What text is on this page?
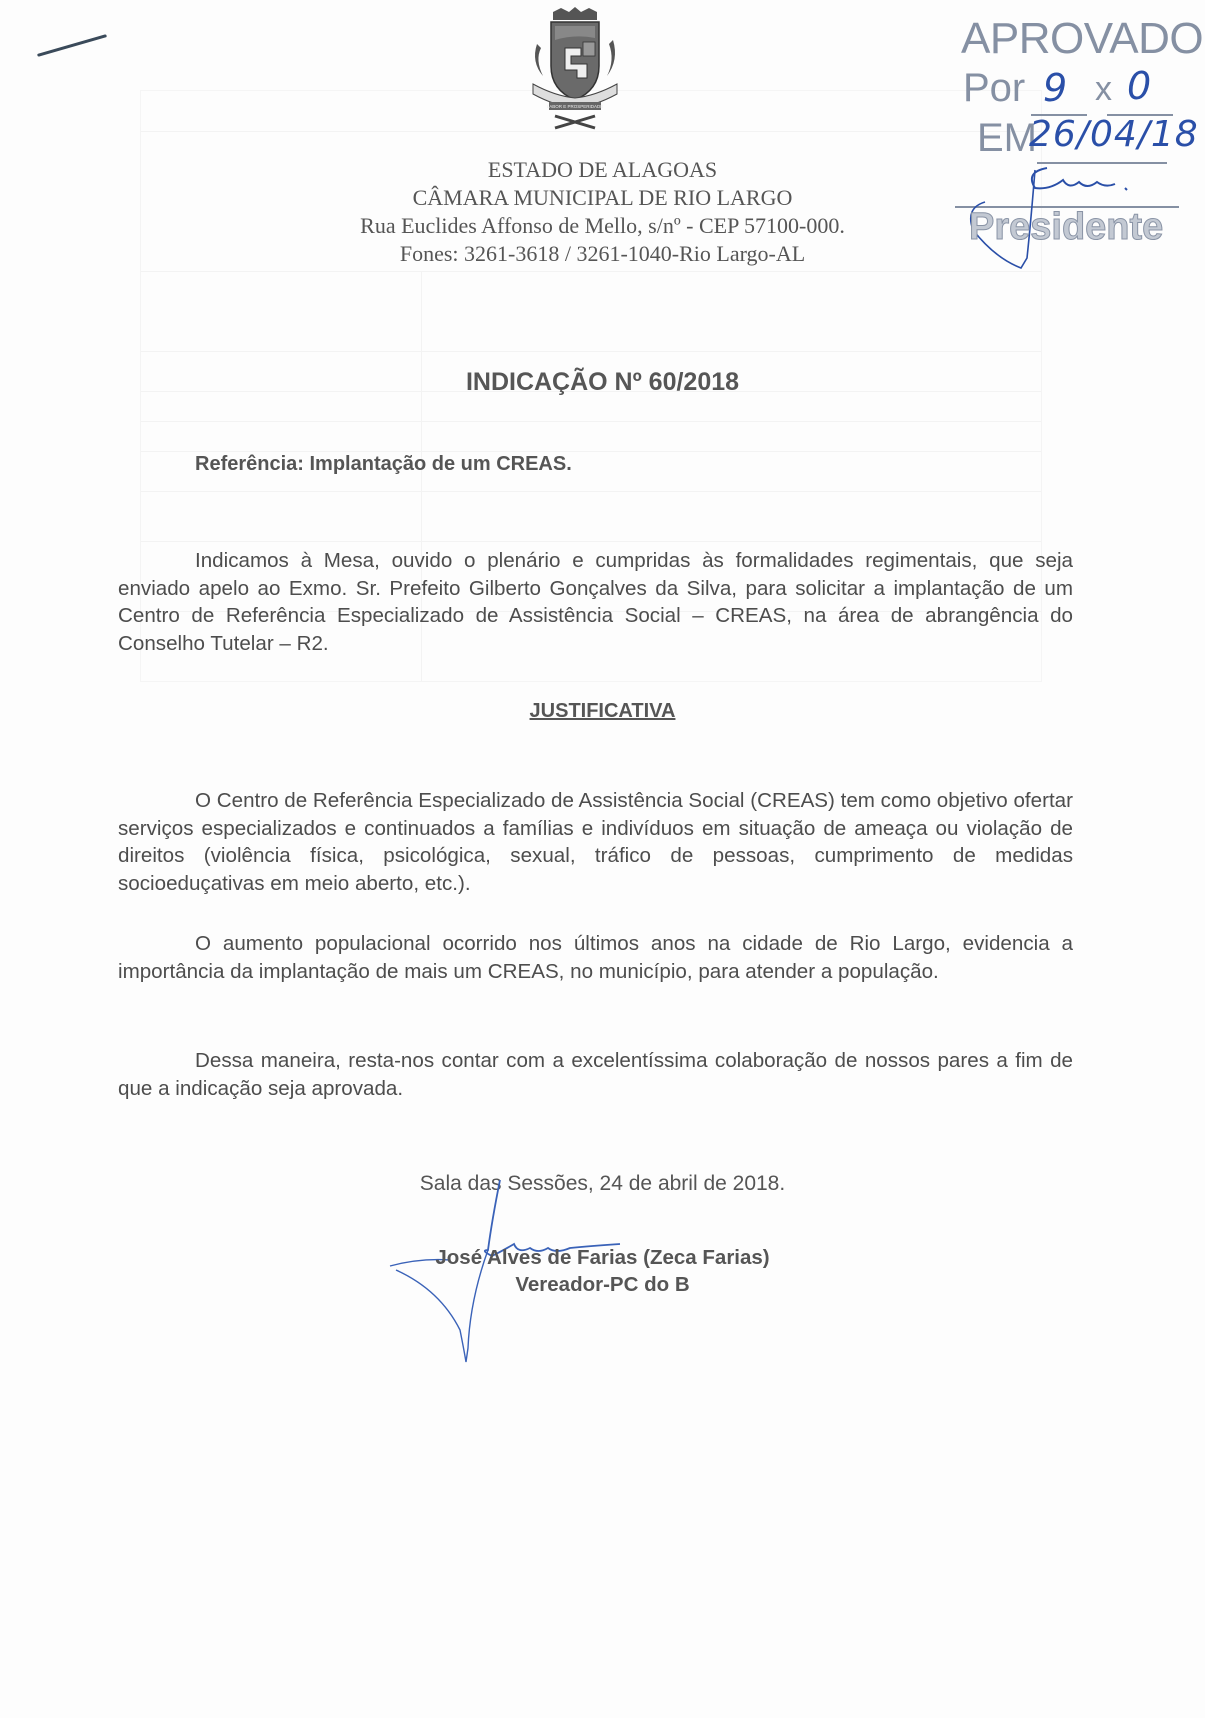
LABOR E PROSPERIDADE
ESTADO DE ALAGOAS
CÂMARA MUNICIPAL DE RIO LARGO
Rua Euclides Affonso de Mello, s/nº - CEP 57100-000.
Fones: 3261-3618 / 3261-1040-Rio Largo-AL
APROVADO
Por 9 x 0
EM
26/04/18
Presidente
INDICAÇÃO Nº 60/2018
Referência: Implantação de um CREAS.

Indicamos à Mesa, ouvido o plenário e cumpridas às formalidades regimentais, que seja enviado apelo ao Exmo. Sr. Prefeito Gilberto Gonçalves da Silva, para solicitar a implantação de um Centro de Referência Especializado de Assistência Social – CREAS, na área de abrangência do Conselho Tutelar – R2.

JUSTIFICATIVA

O Centro de Referência Especializado de Assistência Social (CREAS) tem como objetivo ofertar serviços especializados e continuados a famílias e indivíduos em situação de ameaça ou violação de direitos (violência física, psicológica, sexual, tráfico de pessoas, cumprimento de medidas socioeduçativas em meio aberto, etc.).

O aumento populacional ocorrido nos últimos anos na cidade de Rio Largo, evidencia a importância da implantação de mais um CREAS, no município, para atender a população.

Dessa maneira, resta-nos contar com a excelentíssima colaboração de nossos pares a fim de que a indicação seja aprovada.

Sala das Sessões, 24 de abril de 2018.
José Alves de Farias (Zeca Farias)
Vereador-PC do B
